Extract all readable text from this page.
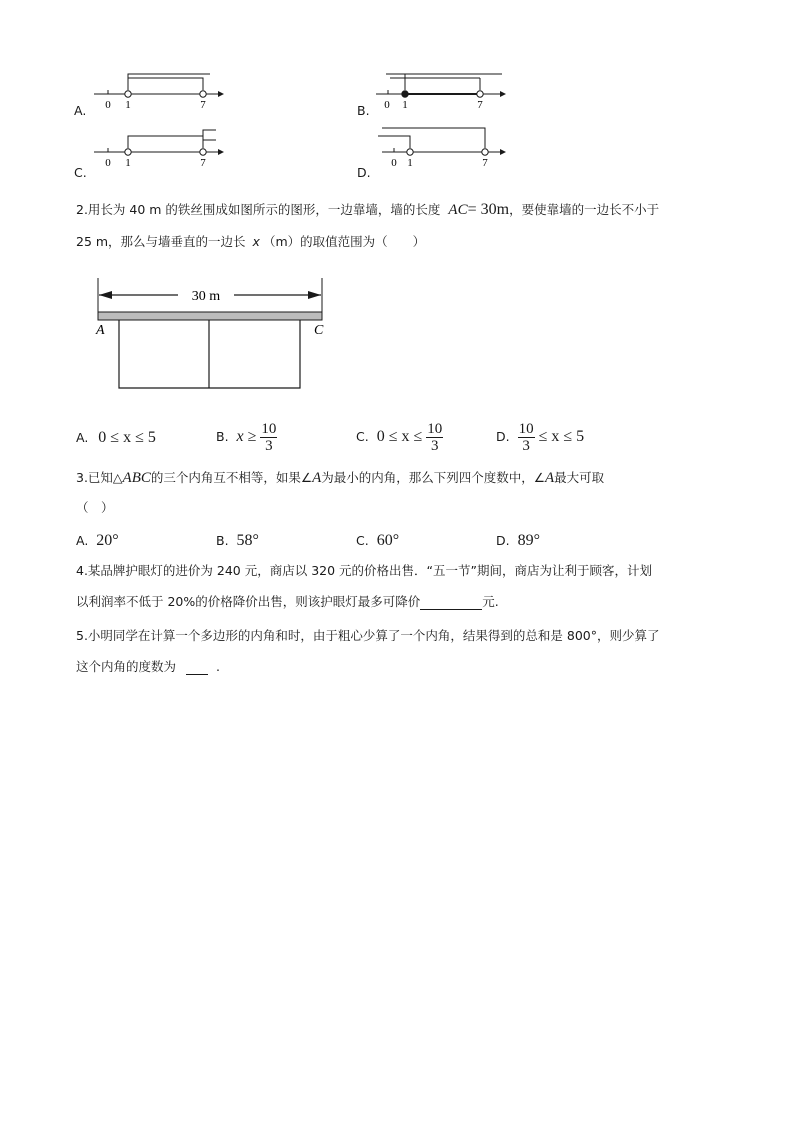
A. 0 1	7	B. 0 1	7
C.
0 1	7
D.
0 1	7
2.用长为 40 m 的铁丝围成如图所示的图形，一边靠墙，墙的长度 AC= 30m，要使靠墙的一边长不小于
25 m，那么与墙垂直的一边长 x （m）的取值范围为（　　）
30 m
A	C
A. 0 ≤ x ≤ 5	B. $x \ge \frac{10}{3}$	C. $0 \le x \le \frac{10}{3}$	D. $\frac{10}{3} \le x \le 5$
3.已知△ABC的三个内角互不相等，如果∠A为最小的内角，那么下列四个度数中，∠A最大可取
（　）
A. 20°	B. 58°	C. 60°	D. 89°
4.某品牌护眼灯的进价为 240 元，商店以 320 元的价格出售．“五一节”期间，商店为让利于顾客，计划
以利润率不低于 20%的价格降价出售，则该护眼灯最多可降价	元.
5.小明同学在计算一个多边形的内角和时，由于粗心少算了一个内角，结果得到的总和是 800°，则少算了
这个内角的度数为	.
